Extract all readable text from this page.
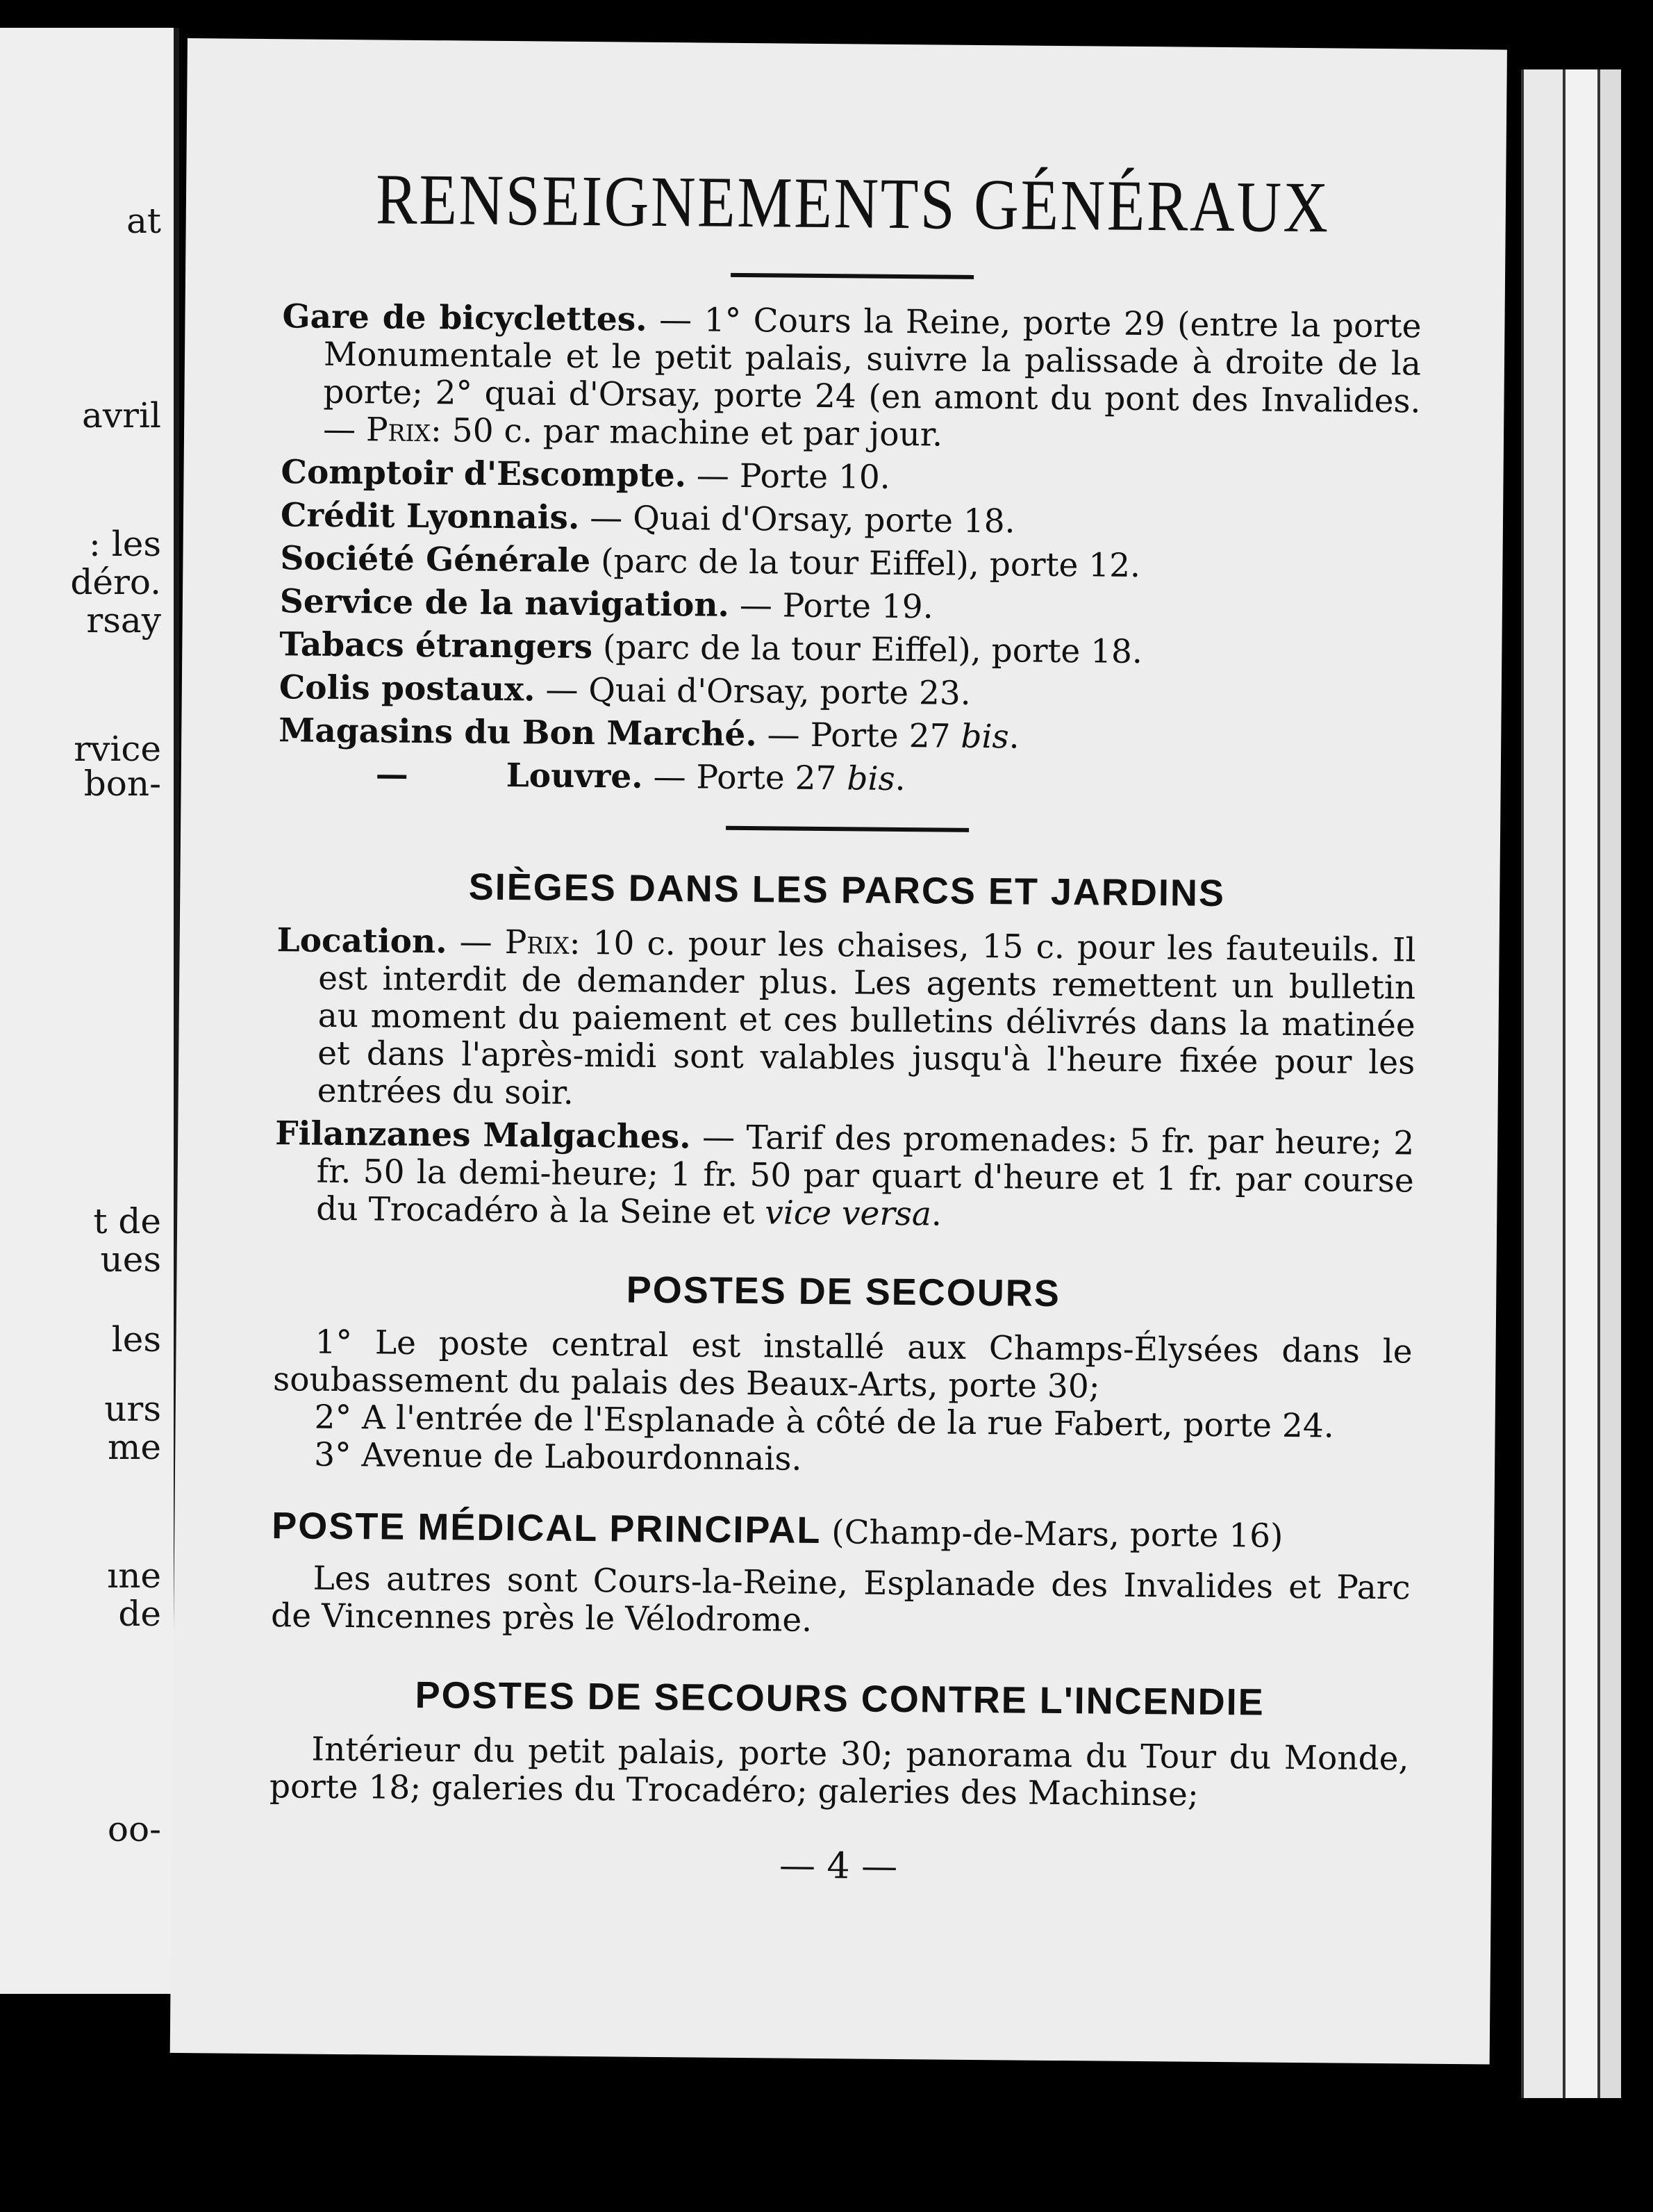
at

avril

: les

déro.

rsay

rvice

bon-

t de

ues

les

urs

me

ıne

de

oo-

RENSEIGNEMENTS GÉNÉRAUX

Gare de bicyclettes. — 1° Cours la Reine, porte 29 (entre la porte Monumentale et le petit palais, suivre la palissade à droite de la porte; 2° quai d'Orsay, porte 24 (en amont du pont des Invalides. — Prix: 50 c. par machine et par jour.

Comptoir d'Escompte. — Porte 10.

Crédit Lyonnais. — Quai d'Orsay, porte 18.

Société Générale (parc de la tour Eiffel), porte 12.

Service de la navigation. — Porte 19.

Tabacs étrangers (parc de la tour Eiffel), porte 18.

Colis postaux. — Quai d'Orsay, porte 23.

Magasins du Bon Marché. — Porte 27 bis.

—   	Louvre. — Porte 27 bis.

SIÈGES DANS LES PARCS ET JARDINS

Location. — Prix: 10 c. pour les chaises, 15 c. pour les fauteuils. Il est interdit de demander plus. Les agents remettent un bulletin au moment du paiement et ces bulletins délivrés dans la matinée et dans l'après-midi sont valables jusqu'à l'heure fixée pour les entrées du soir.

Filanzanes Malgaches. — Tarif des promenades: 5 fr. par heure; 2 fr. 50 la demi-heure; 1 fr. 50 par quart d'heure et 1 fr. par course du Trocadéro à la Seine et vice versa.

POSTES DE SECOURS

1° Le poste central est installé aux Champs-Élysées dans le soubassement du palais des Beaux-Arts, porte 30;

2° A l'entrée de l'Esplanade à côté de la rue Fabert, porte 24.

3° Avenue de Labourdonnais.

POSTE MÉDICAL PRINCIPAL (Champ-de-Mars, porte 16)

Les autres sont Cours-la-Reine, Esplanade des Invalides et Parc de Vincennes près le Vélodrome.

POSTES DE SECOURS CONTRE L'INCENDIE

Intérieur du petit palais, porte 30; panorama du Tour du Monde, porte 18; galeries du Trocadéro; galeries des Machinse;

— 4 —
